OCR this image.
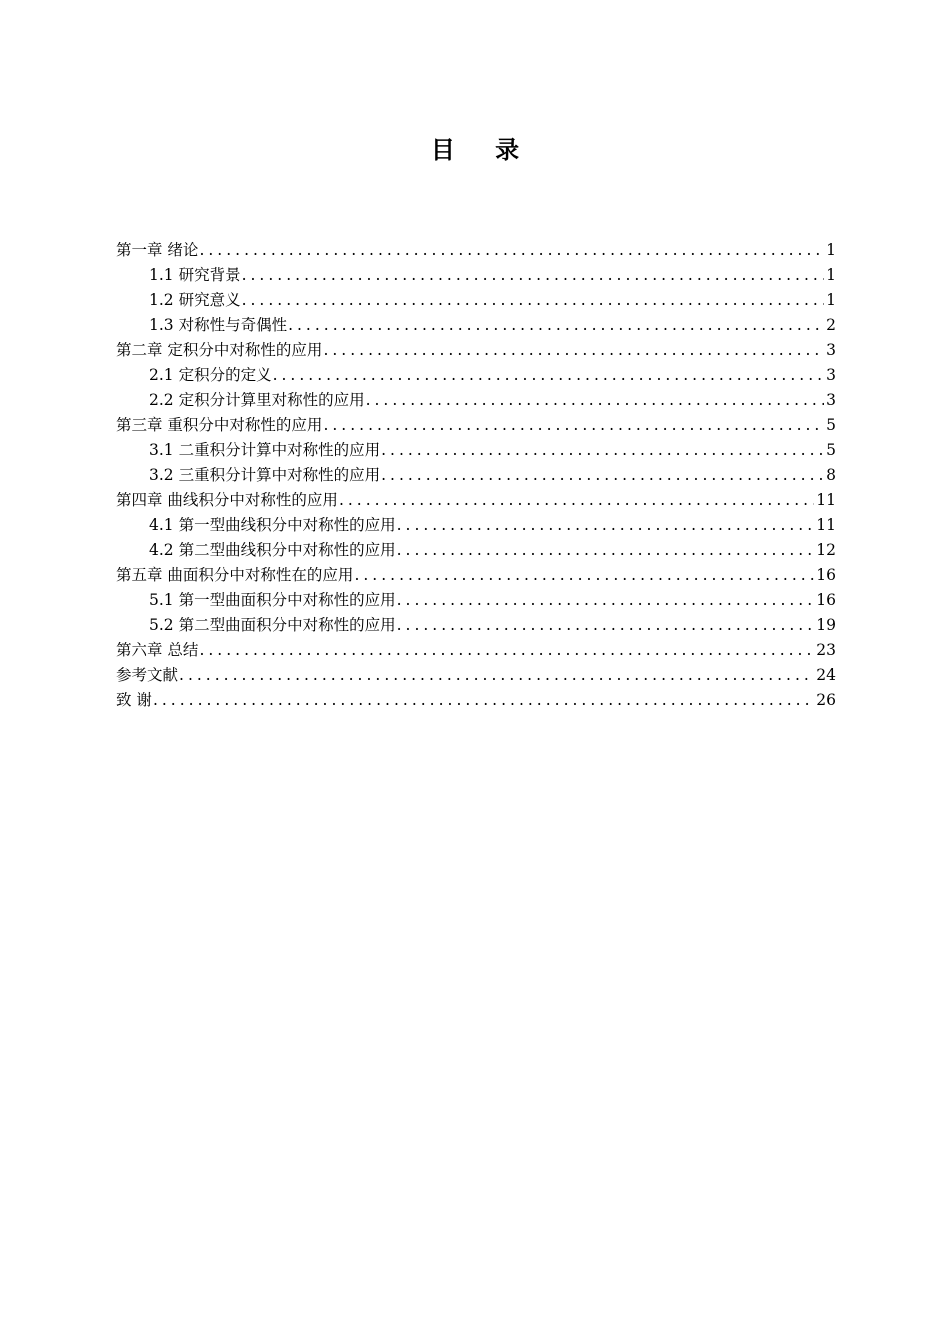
目 录
第一章 绪论 .....	1
1.1 研究背景 .....	1
1.2 研究意义 .....	1
1.3 对称性与奇偶性 .....	2
第二章 定积分中对称性的应用 .....	3
2.1 定积分的定义 .....	3
2.2 定积分计算里对称性的应用 .....	3
第三章 重积分中对称性的应用 .....	5
3.1 二重积分计算中对称性的应用 .....	5
3.2 三重积分计算中对称性的应用 .....	8
第四章 曲线积分中对称性的应用 .....	11
4.1 第一型曲线积分中对称性的应用 .....	11
4.2 第二型曲线积分中对称性的应用 .....	12
第五章 曲面积分中对称性在的应用 .....	16
5.1 第一型曲面积分中对称性的应用 .....	16
5.2 第二型曲面积分中对称性的应用 .....	19
第六章 总结 .....	23
参考文献 .....	24
致 谢 .....	26
